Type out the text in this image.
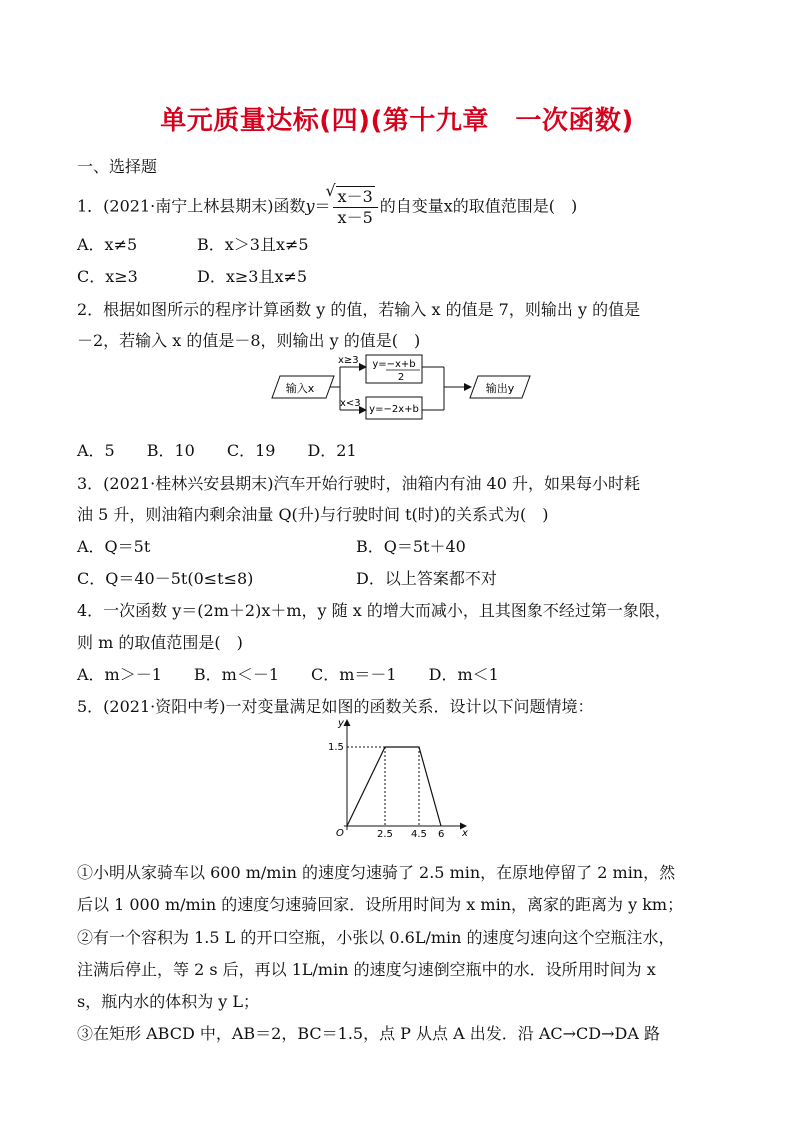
单元质量达标(四)(第十九章　一次函数)
一、选择题
1．(2021·南宁上林县期末)函数y＝
√ $\frac{x-3}{x-5}$ 的自变量x的取值范围是(　)
A．x≠5	B．x＞3且x≠5
C．x≥3	D．x≥3且x≠5
2．根据如图所示的程序计算函数 y 的值，若输入 x 的值是 7，则输出 y 的值是
－2，若输入 x 的值是－8，则输出 y 的值是(　)
输入x
x≥3
x<3
y=−x+b
2
y=−2x+b
输出y
A．5　　B．10　　C．19　　D．21
3．(2021·桂林兴安县期末)汽车开始行驶时，油箱内有油 40 升，如果每小时耗
油 5 升，则油箱内剩余油量 Q(升)与行驶时间 t(时)的关系式为(　)
A．Q＝5t	B．Q＝5t＋40
C．Q＝40－5t(0≤t≤8)	D．以上答案都不对
4．一次函数 y＝(2m＋2)x＋m，y 随 x 的增大而减小，且其图象不经过第一象限，
则 m 的取值范围是(　)
A．m＞－1　　B．m＜－1　　C．m＝－1　　D．m＜1
5．(2021·资阳中考)一对变量满足如图的函数关系．设计以下问题情境：
y
x
O
1.5
2.5 4.5 6
①小明从家骑车以 600 m/min 的速度匀速骑了 2.5 min，在原地停留了 2 min，然
后以 1 000 m/min 的速度匀速骑回家．设所用时间为 x min，离家的距离为 y km；
②有一个容积为 1.5 L 的开口空瓶，小张以 0.6L/min 的速度匀速向这个空瓶注水，
注满后停止，等 2 s 后，再以 1L/min 的速度匀速倒空瓶中的水．设所用时间为 x
s，瓶内水的体积为 y L；
③在矩形 ABCD 中，AB＝2，BC＝1.5，点 P 从点 A 出发．沿 AC→CD→DA 路
